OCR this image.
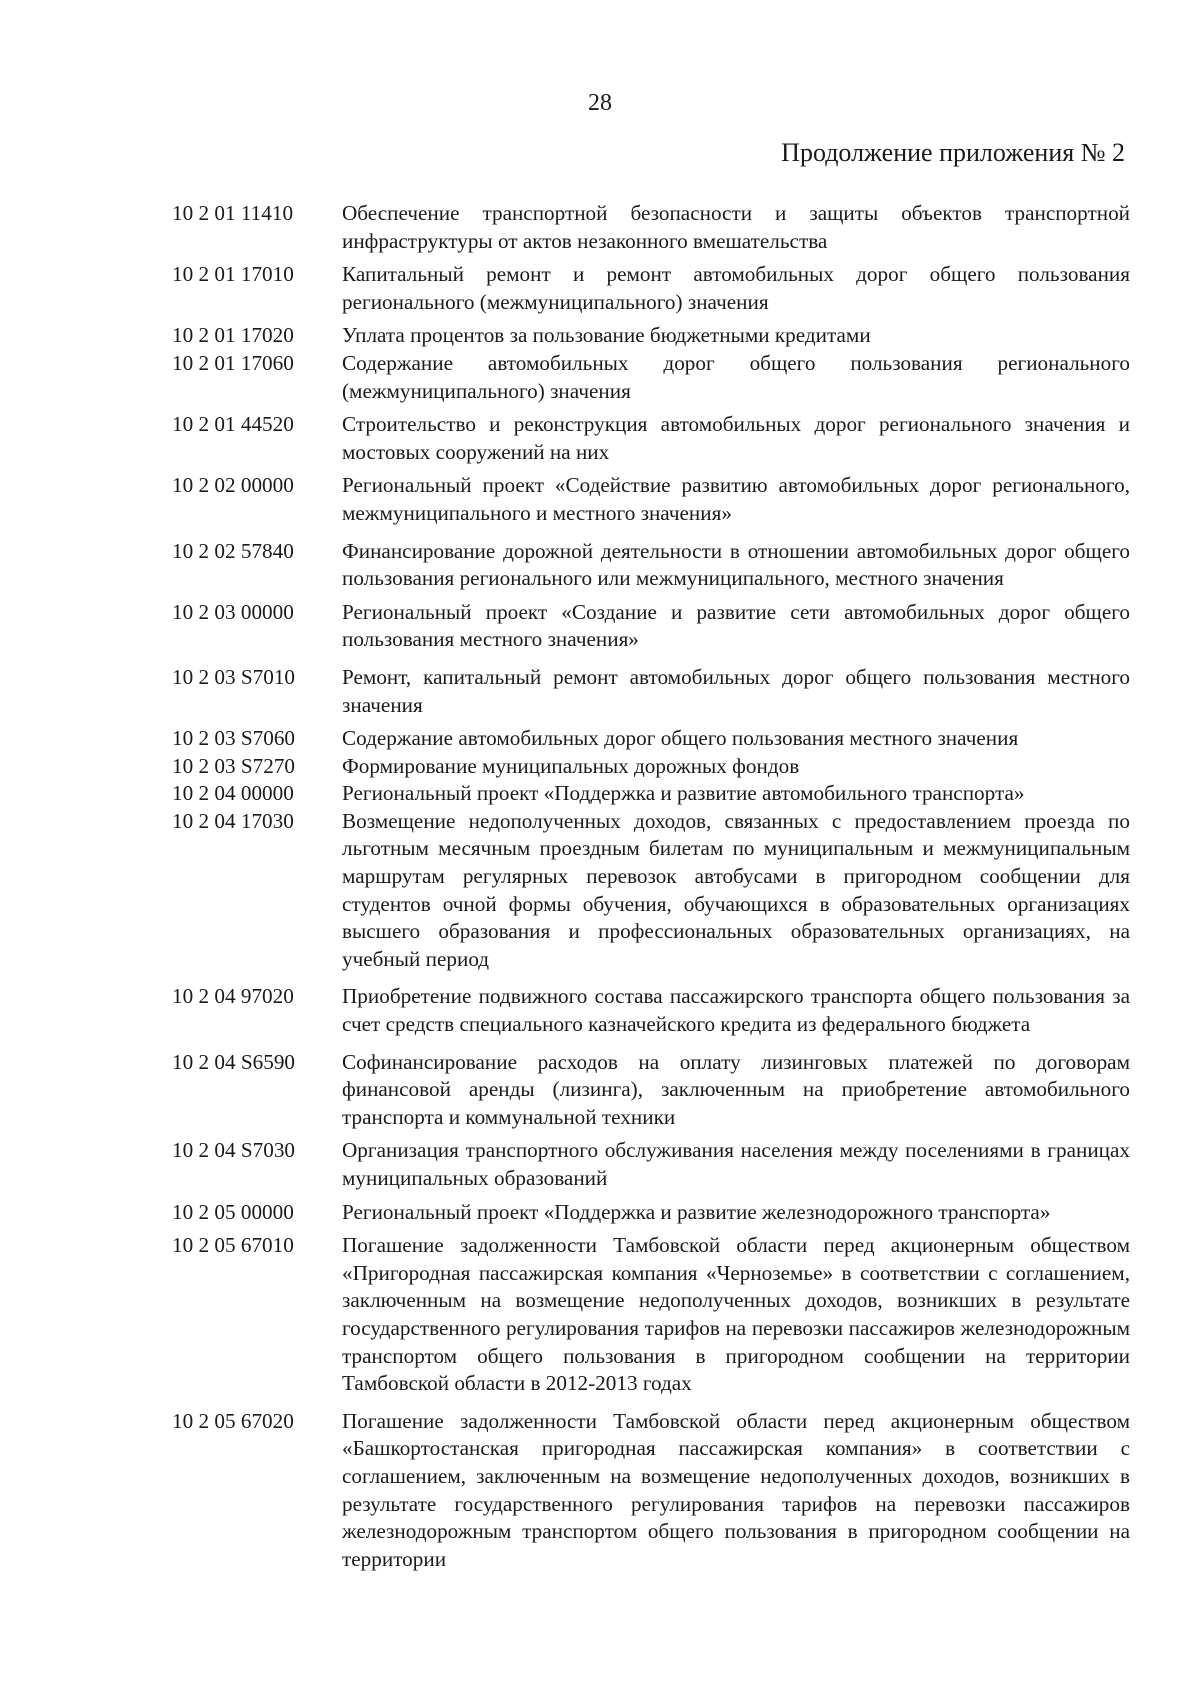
28
Продолжение приложения № 2
10 2 01 11410	Обеспечение транспортной безопасности и защиты объектов транспортной инфраструктуры от актов незаконного вмешательства
10 2 01 17010	Капитальный ремонт и ремонт автомобильных дорог общего пользования регионального (межмуниципального) значения
10 2 01 17020	Уплата процентов за пользование бюджетными кредитами
10 2 01 17060	Содержание автомобильных дорог общего пользования регионального (межмуниципального) значения
10 2 01 44520	Строительство и реконструкция автомобильных дорог регионального значения и мостовых сооружений на них
10 2 02 00000	Региональный проект «Содействие развитию автомобильных дорог регионального, межмуниципального и местного значения»
10 2 02 57840	Финансирование дорожной деятельности в отношении автомобильных дорог общего пользования регионального или межмуниципального, местного значения
10 2 03 00000	Региональный проект «Создание и развитие сети автомобильных дорог общего пользования местного значения»
10 2 03 S7010	Ремонт, капитальный ремонт автомобильных дорог общего пользования местного значения
10 2 03 S7060	Содержание автомобильных дорог общего пользования местного значения
10 2 03 S7270	Формирование муниципальных дорожных фондов
10 2 04 00000	Региональный проект «Поддержка и развитие автомобильного транспорта»
10 2 04 17030	Возмещение недополученных доходов, связанных с предоставлением проезда по льготным месячным проездным билетам по муниципальным и межмуниципальным маршрутам регулярных перевозок автобусами в пригородном сообщении для студентов очной формы обучения, обучающихся в образовательных организациях высшего образования и профессиональных образовательных организациях, на учебный период
10 2 04 97020	Приобретение подвижного состава пассажирского транспорта общего пользования за счет средств специального казначейского кредита из федерального бюджета
10 2 04 S6590	Софинансирование расходов на оплату лизинговых платежей по договорам финансовой аренды (лизинга), заключенным на приобретение автомобильного транспорта и коммунальной техники
10 2 04 S7030	Организация транспортного обслуживания населения между поселениями в границах муниципальных образований
10 2 05 00000	Региональный проект «Поддержка и развитие железнодорожного транспорта»
10 2 05 67010	Погашение задолженности Тамбовской области перед акционерным обществом «Пригородная пассажирская компания «Черноземье» в соответствии с соглашением, заключенным на возмещение недополученных доходов, возникших в результате государственного регулирования тарифов на перевозки пассажиров железнодорожным транспортом общего пользования в пригородном сообщении на территории Тамбовской области в 2012-2013 годах
10 2 05 67020	Погашение задолженности Тамбовской области перед акционерным обществом «Башкортостанская пригородная пассажирская компания» в соответствии с соглашением, заключенным на возмещение недополученных доходов, возникших в результате государственного регулирования тарифов на перевозки пассажиров железнодорожным транспортом общего пользования в пригородном сообщении на территории
